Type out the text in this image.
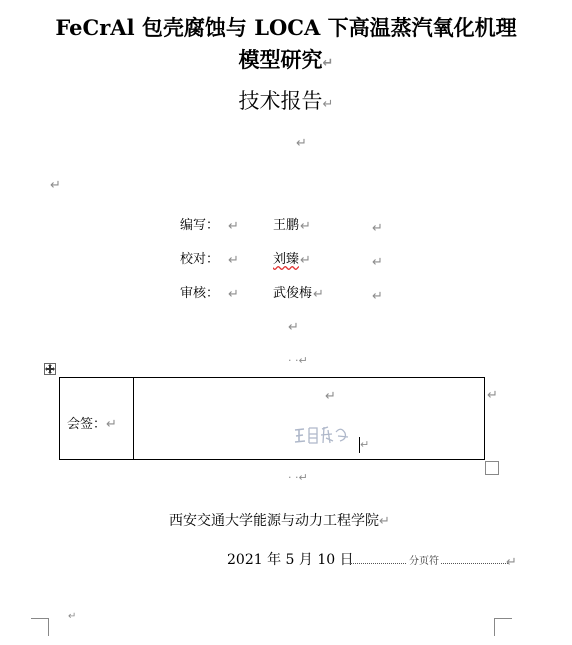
FeCrAl 包壳腐蚀与 LOCA 下高温蒸汽氧化机理
模型研究↵
技术报告↵
↵
↵
编写： ↵	王鹏 ↵	↵
校对： ↵	刘臻 ↵	↵
审核： ↵	武俊梅 ↵	↵
↵
· ·↵
会签：↵
↵	↵
↵
· ·↵
西安交通大学能源与动力工程学院↵
2021 年 5 月 10 日	分页符	↵
↵
